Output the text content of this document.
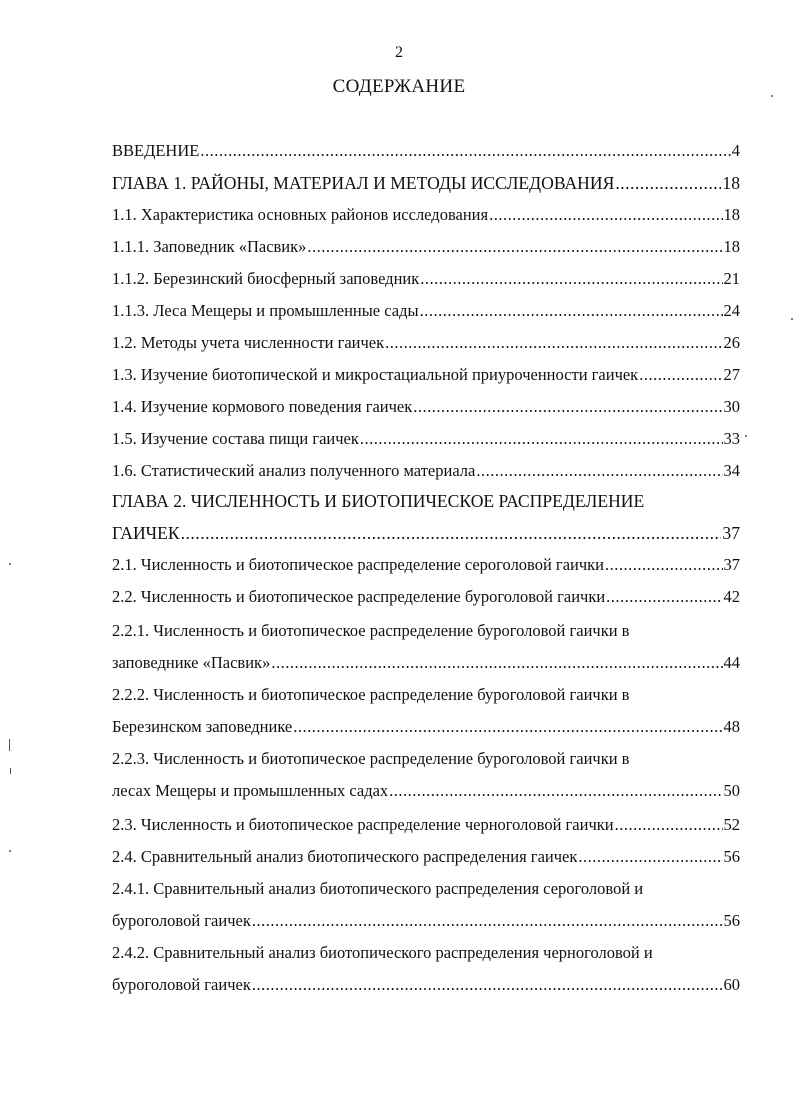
2
СОДЕРЖАНИЕ
ВВЕДЕНИЕ .....	4
ГЛАВА 1. РАЙОНЫ, МАТЕРИАЛ И МЕТОДЫ ИССЛЕДОВАНИЯ .....	18
1.1. Характеристика основных районов исследования .....	18
1.1.1. Заповедник «Пасвик» .....	18
1.1.2. Березинский биосферный заповедник .....	21
1.1.3. Леса Мещеры и промышленные сады .....	24
1.2. Методы учета численности гаичек .....	26
1.3. Изучение биотопической и микростациальной приуроченности гаичек .....	27
1.4. Изучение кормового поведения гаичек .....	30
1.5. Изучение состава пищи гаичек .....	33
1.6. Статистический анализ полученного материала .....	34
ГЛАВА 2. ЧИСЛЕННОСТЬ И БИОТОПИЧЕСКОЕ РАСПРЕДЕЛЕНИЕ
ГАИЧЕК .....	37
2.1. Численность и биотопическое распределение сероголовой гаички .....	37
2.2. Численность и биотопическое распределение буроголовой гаички .....	42
2.2.1. Численность и биотопическое распределение буроголовой гаички в
заповеднике «Пасвик» .....	44
2.2.2. Численность и биотопическое распределение буроголовой гаички в
Березинском заповеднике .....	48
2.2.3. Численность и биотопическое распределение буроголовой гаички в
лесах Мещеры и промышленных садах .....	50
2.3. Численность и биотопическое распределение черноголовой гаички .....	52
2.4. Сравнительный анализ биотопического распределения гаичек .....	56
2.4.1. Сравнительный анализ биотопического распределения сероголовой и
буроголовой гаичек .....	56
2.4.2. Сравнительный анализ биотопического распределения черноголовой и
буроголовой гаичек .....	60
